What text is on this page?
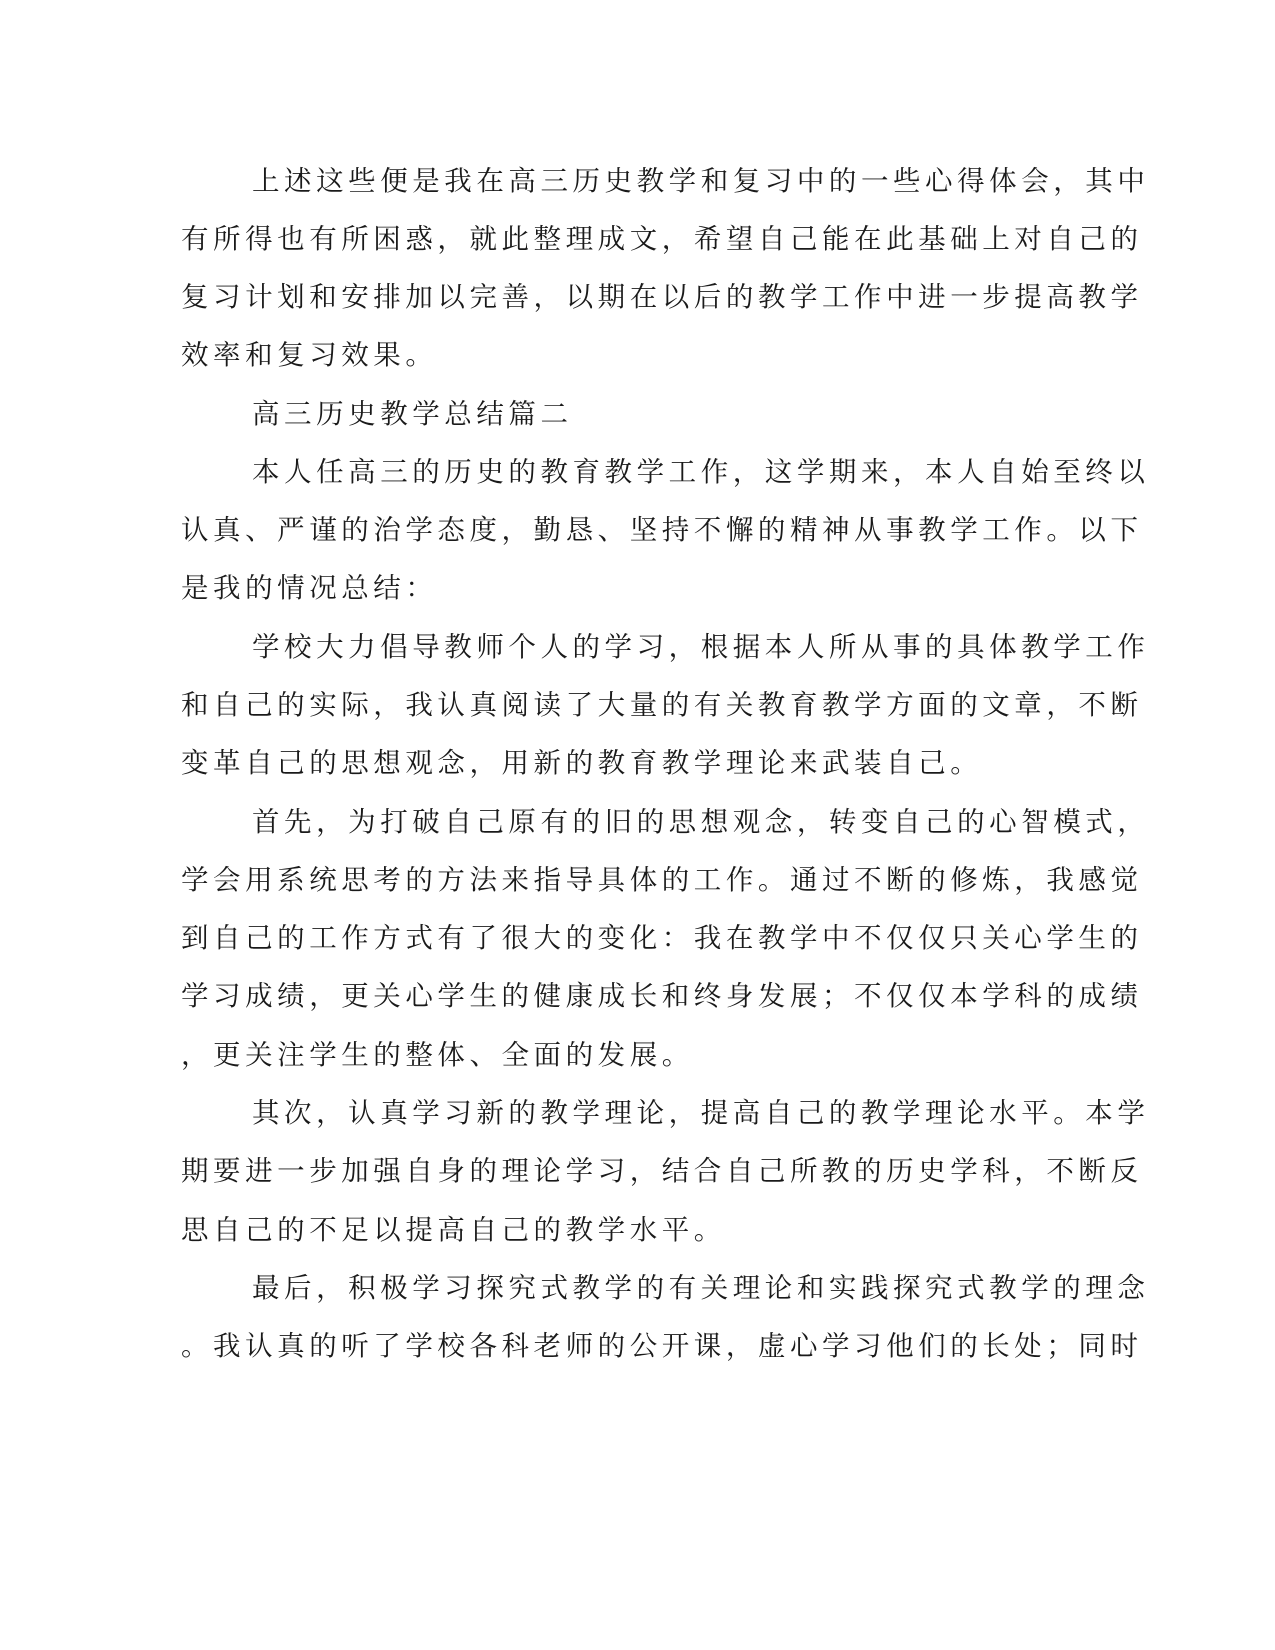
上述这些便是我在高三历史教学和复习中的一些心得体会，其中
有所得也有所困惑，就此整理成文，希望自己能在此基础上对自己的
复习计划和安排加以完善，以期在以后的教学工作中进一步提高教学
效率和复习效果。
高三历史教学总结篇二
本人任高三的历史的教育教学工作，这学期来，本人自始至终以
认真、严谨的治学态度，勤恳、坚持不懈的精神从事教学工作。以下
是我的情况总结：
学校大力倡导教师个人的学习，根据本人所从事的具体教学工作
和自己的实际，我认真阅读了大量的有关教育教学方面的文章，不断
变革自己的思想观念，用新的教育教学理论来武装自己。
首先，为打破自己原有的旧的思想观念，转变自己的心智模式，
学会用系统思考的方法来指导具体的工作。通过不断的修炼，我感觉
到自己的工作方式有了很大的变化：我在教学中不仅仅只关心学生的
学习成绩，更关心学生的健康成长和终身发展；不仅仅本学科的成绩
，更关注学生的整体、全面的发展。
其次，认真学习新的教学理论，提高自己的教学理论水平。本学
期要进一步加强自身的理论学习，结合自己所教的历史学科，不断反
思自己的不足以提高自己的教学水平。
最后，积极学习探究式教学的有关理论和实践探究式教学的理念
。我认真的听了学校各科老师的公开课，虚心学习他们的长处；同时
